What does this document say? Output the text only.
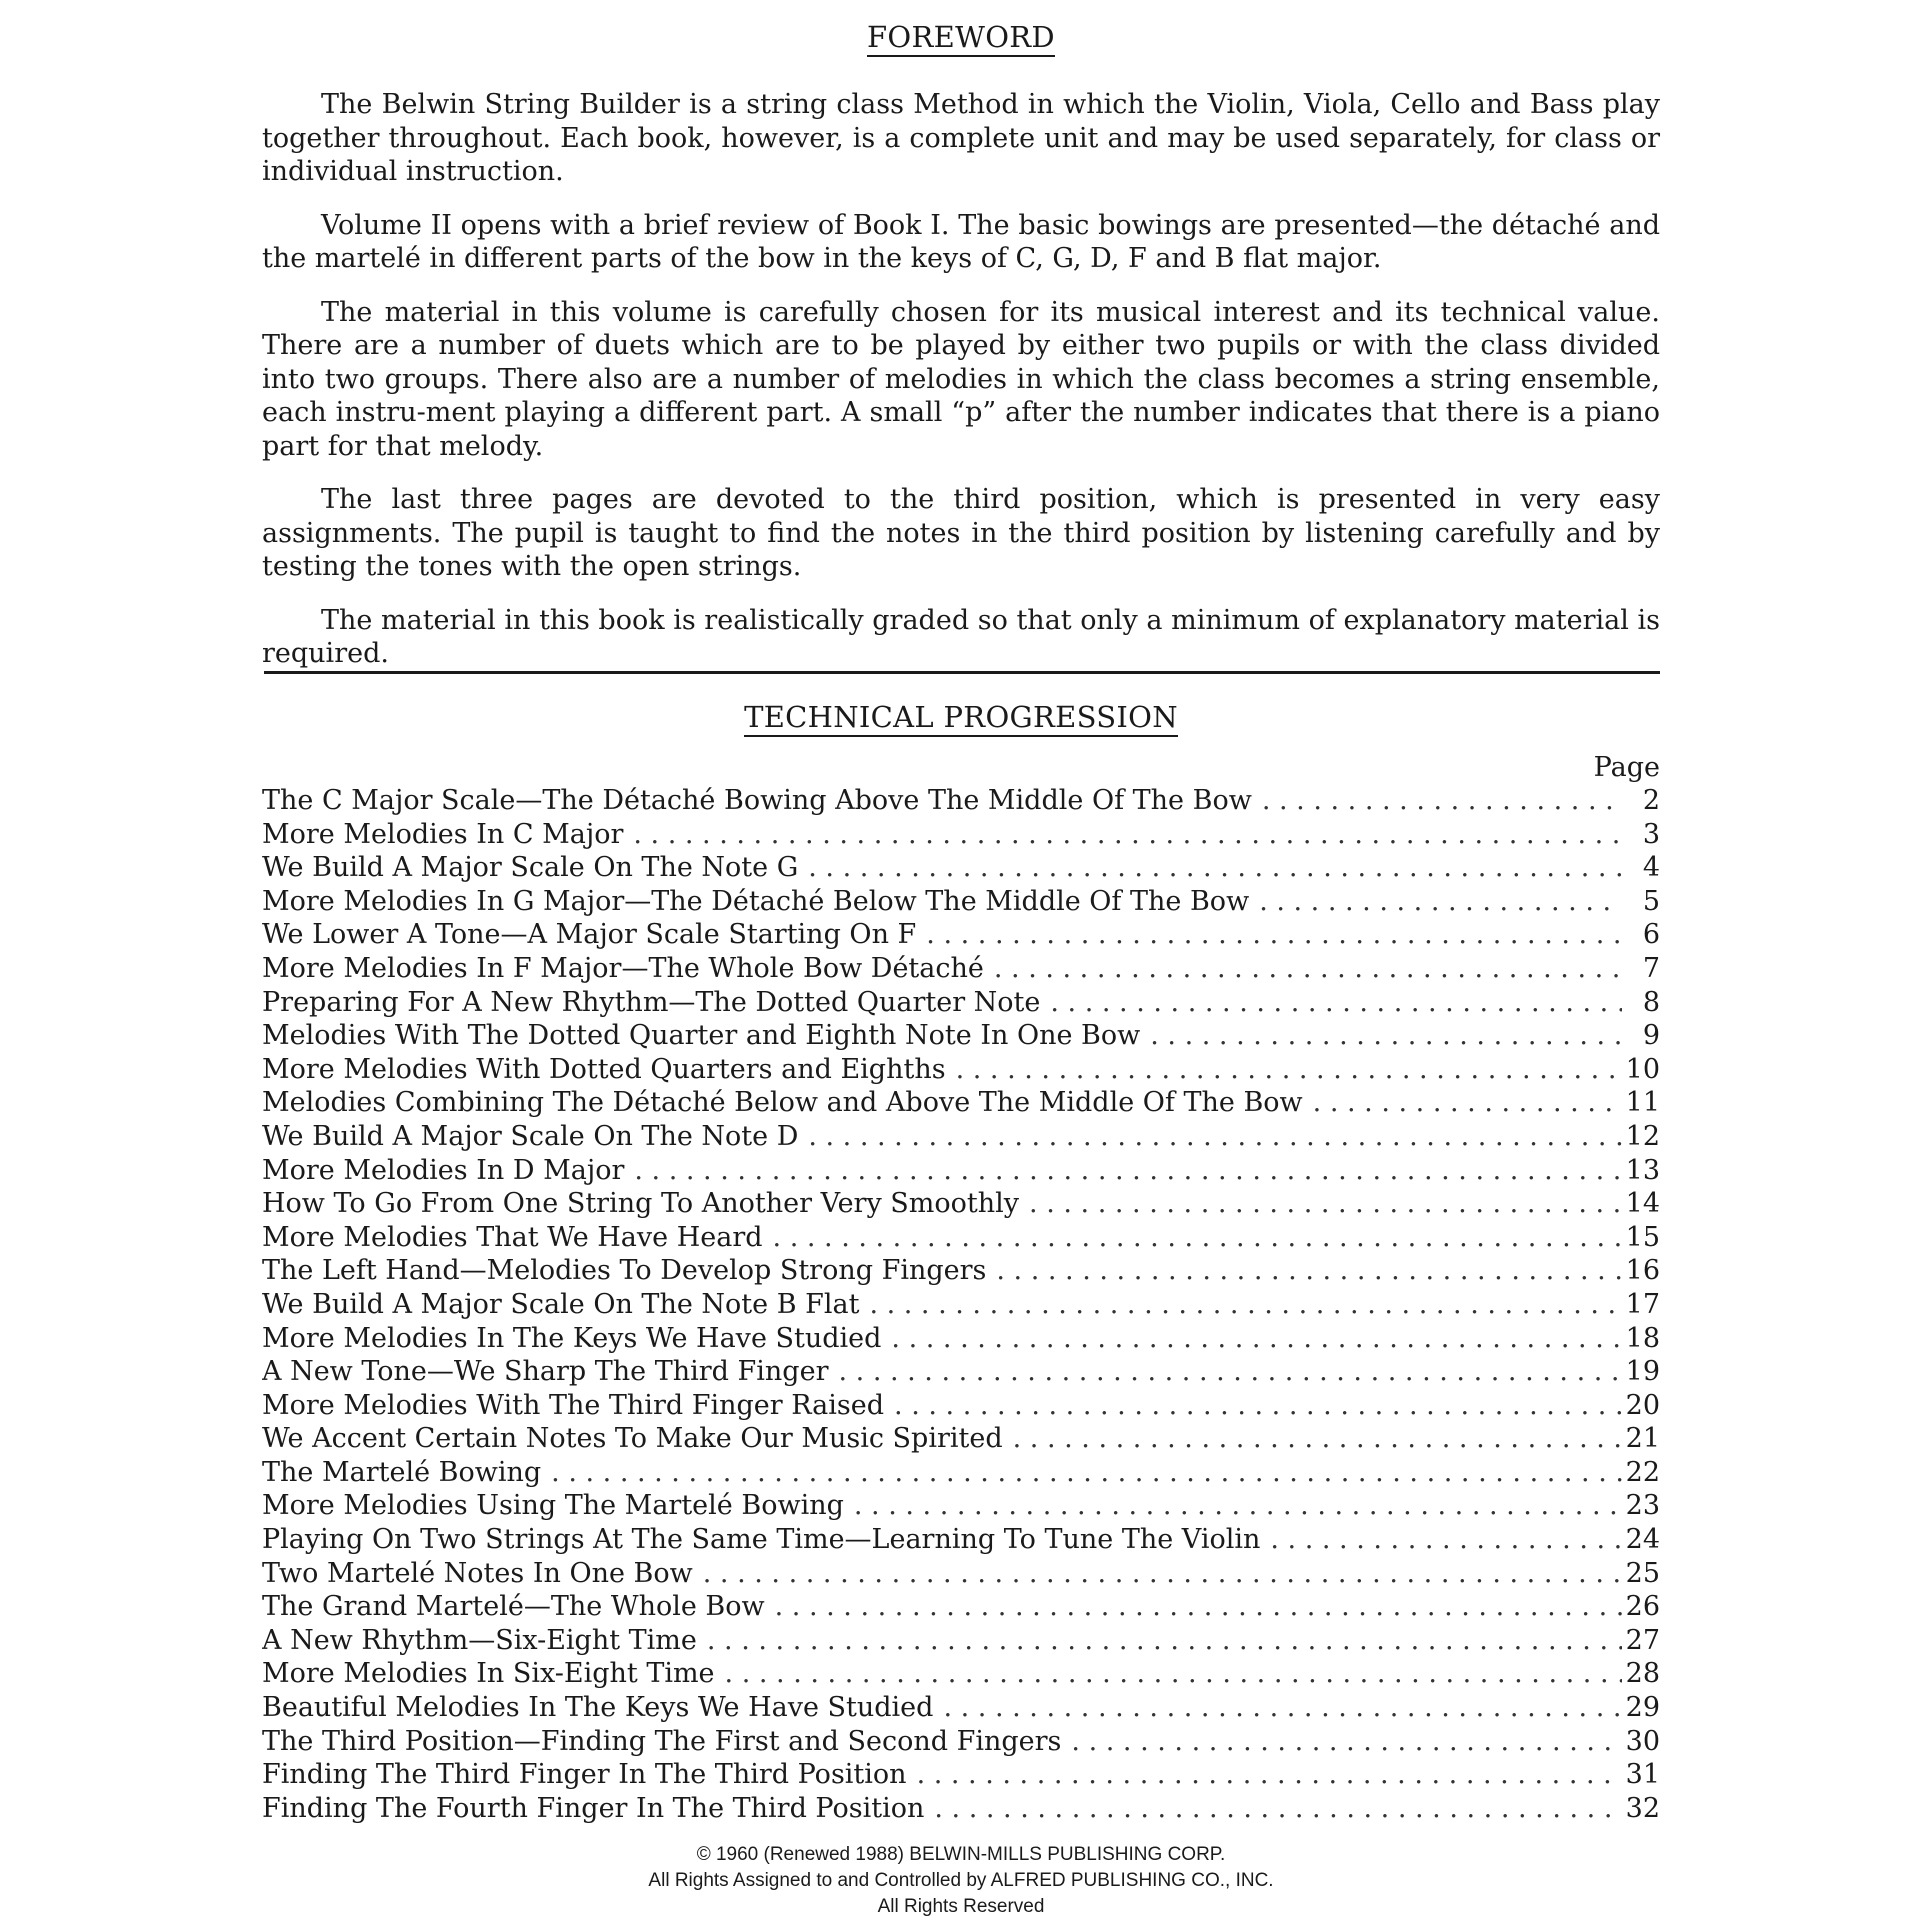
FOREWORD

The Belwin String Builder is a string class Method in which the Violin, Viola, Cello and Bass play together throughout. Each book, however, is a complete unit and may be used separately, for class or individual instruction.

Volume II opens with a brief review of Book I. The basic bowings are presented—the détaché and the martelé in different parts of the bow in the keys of C, G, D, F and B flat major.

The material in this volume is carefully chosen for its musical interest and its technical value. There are a number of duets which are to be played by either two pupils or with the class divided into two groups. There also are a number of melodies in which the class becomes a string ensemble, each instru-ment playing a different part. A small “p” after the number indicates that there is a piano part for that melody.

The last three pages are devoted to the third position, which is presented in very easy assignments. The pupil is taught to find the notes in the third position by listening carefully and by testing the tones with the open strings.

The material in this book is realistically graded so that only a minimum of explanatory material is required.

TECHNICAL PROGRESSION
Page
The C Major Scale—The Détaché Bowing Above The Middle Of The Bow . . .	2
More Melodies In C Major . . .	3
We Build A Major Scale On The Note G . . .	4
More Melodies In G Major—The Détaché Below The Middle Of The Bow . . .	5
We Lower A Tone—A Major Scale Starting On F . . .	6
More Melodies In F Major—The Whole Bow Détaché . . .	7
Preparing For A New Rhythm—The Dotted Quarter Note . . .	8
Melodies With The Dotted Quarter and Eighth Note In One Bow . . .	9
More Melodies With Dotted Quarters and Eighths . . .	10
Melodies Combining The Détaché Below and Above The Middle Of The Bow . . .	11
We Build A Major Scale On The Note D . . .	12
More Melodies In D Major . . .	13
How To Go From One String To Another Very Smoothly . . .	14
More Melodies That We Have Heard . . .	15
The Left Hand—Melodies To Develop Strong Fingers . . .	16
We Build A Major Scale On The Note B Flat . . .	17
More Melodies In The Keys We Have Studied . . .	18
A New Tone—We Sharp The Third Finger . . .	19
More Melodies With The Third Finger Raised . . .	20
We Accent Certain Notes To Make Our Music Spirited . . .	21
The Martelé Bowing . . .	22
More Melodies Using The Martelé Bowing . . .	23
Playing On Two Strings At The Same Time—Learning To Tune The Violin . . .	24
Two Martelé Notes In One Bow . . .	25
The Grand Martelé—The Whole Bow . . .	26
A New Rhythm—Six-Eight Time . . .	27
More Melodies In Six-Eight Time . . .	28
Beautiful Melodies In The Keys We Have Studied . . .	29
The Third Position—Finding The First and Second Fingers . . .	30
Finding The Third Finger In The Third Position . . .	31
Finding The Fourth Finger In The Third Position . . .	32
© 1960 (Renewed 1988) BELWIN-MILLS PUBLISHING CORP.
All Rights Assigned to and Controlled by ALFRED PUBLISHING CO., INC.
All Rights Reserved
